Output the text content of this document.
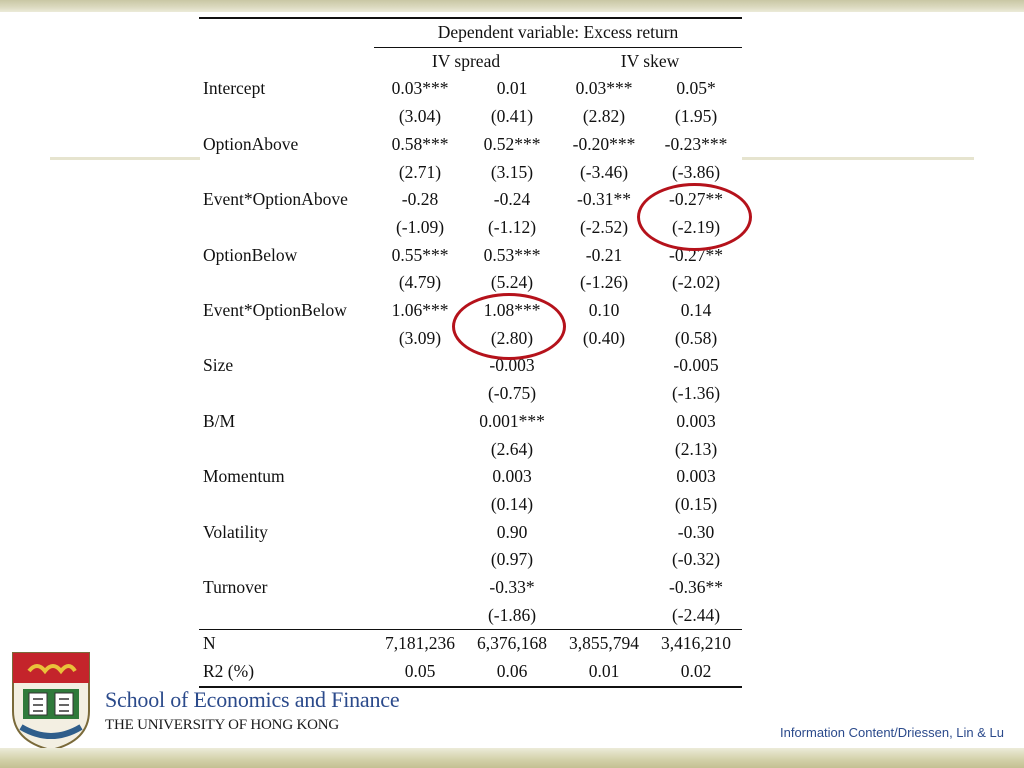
	Dependent variable: Excess return			
	IV spread		IV skew	
Intercept	0.03***	0.01	0.03***	0.05*
	(3.04)	(0.41)	(2.82)	(1.95)
OptionAbove	0.58***	0.52***	-0.20***	-0.23***
	(2.71)	(3.15)	(-3.46)	(-3.86)
Event*OptionAbove	-0.28	-0.24	-0.31**	-0.27**
	(-1.09)	(-1.12)	(-2.52)	(-2.19)
OptionBelow	0.55***	0.53***	-0.21	-0.27**
	(4.79)	(5.24)	(-1.26)	(-2.02)
Event*OptionBelow	1.06***	1.08***	0.10	0.14
	(3.09)	(2.80)	(0.40)	(0.58)
Size		-0.003		-0.005
		(-0.75)		(-1.36)
B/M		0.001***		0.003
		(2.64)		(2.13)
Momentum		0.003		0.003
		(0.14)		(0.15)
Volatility		0.90		-0.30
		(0.97)		(-0.32)
Turnover		-0.33*		-0.36**
		(-1.86)		(-2.44)
N	7,181,236	6,376,168	3,855,794	3,416,210
R2 (%)	0.05	0.06	0.01	0.02
School of Economics and Finance
THE UNIVERSITY OF HONG KONG	Information Content/Driessen, Lin & Lu
